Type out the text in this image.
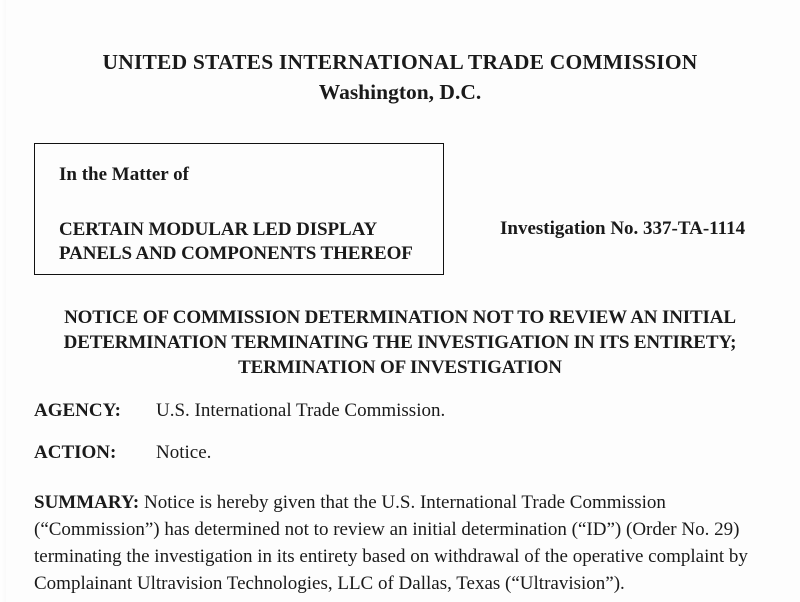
UNITED STATES INTERNATIONAL TRADE COMMISSION
Washington, D.C.
In the Matter of
CERTAIN MODULAR LED DISPLAY
PANELS AND COMPONENTS THEREOF
Investigation No. 337-TA-1114
NOTICE OF COMMISSION DETERMINATION NOT TO REVIEW AN INITIAL
DETERMINATION TERMINATING THE INVESTIGATION IN ITS ENTIRETY;
TERMINATION OF INVESTIGATION
AGENCY:	U.S. International Trade Commission.
ACTION:	Notice.
SUMMARY: Notice is hereby given that the U.S. International Trade Commission (“Commission”) has determined not to review an initial determination (“ID”) (Order No. 29) terminating the investigation in its entirety based on withdrawal of the operative complaint by Complainant Ultravision Technologies, LLC of Dallas, Texas (“Ultravision”).
